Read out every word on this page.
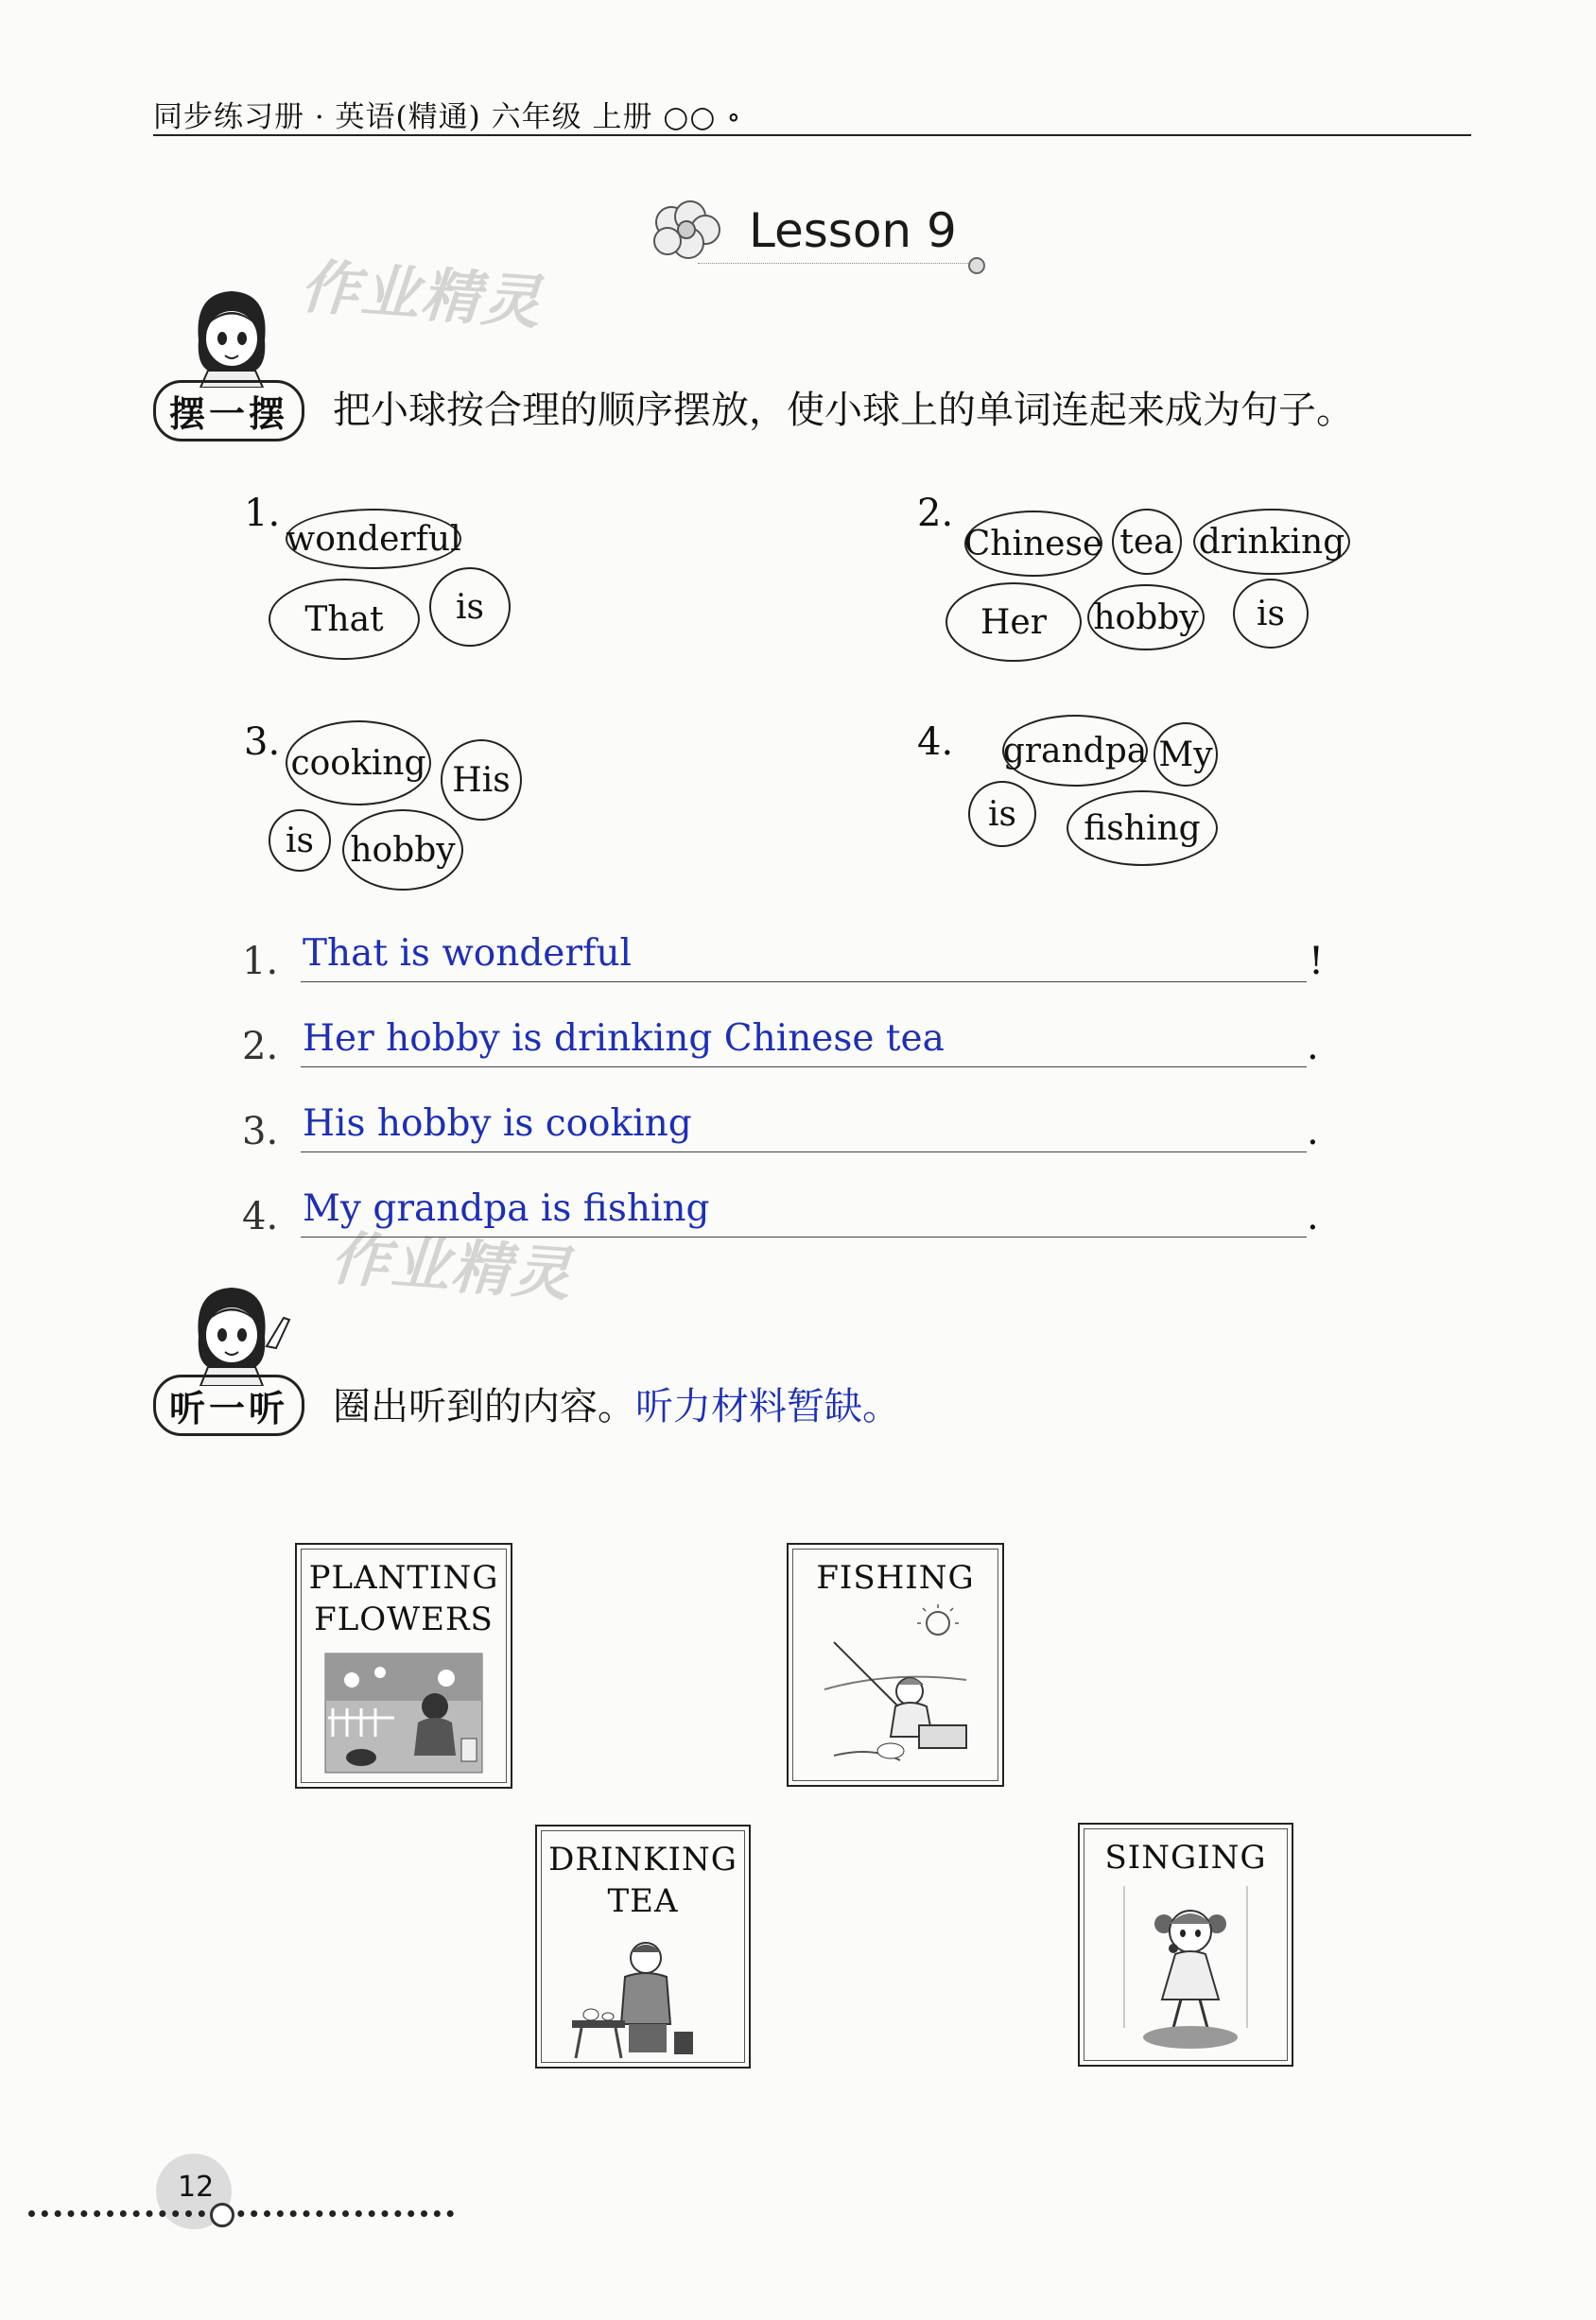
同步练习册 · 英语(精通) 六年级 上册 ○○ ∘
Lesson 9
作业精灵
作业精灵
摆一摆	把小球按合理的顺序摆放，使小球上的单词连起来成为句子。
1.
wonderful
That	is
2.
Chinese tea drinking
Her	hobby	is
3. cooking His
is	hobby
4. grandpa My
is	fishing
1. That is wonderful	!
2. Her hobby is drinking Chinese tea	.
3. His hobby is cooking	.
4. My grandpa is fishing	.
听一听	圈出听到的内容。听力材料暂缺。
PLANTING
FLOWERS
FISHING
DRINKING
TEA
SINGING
12
